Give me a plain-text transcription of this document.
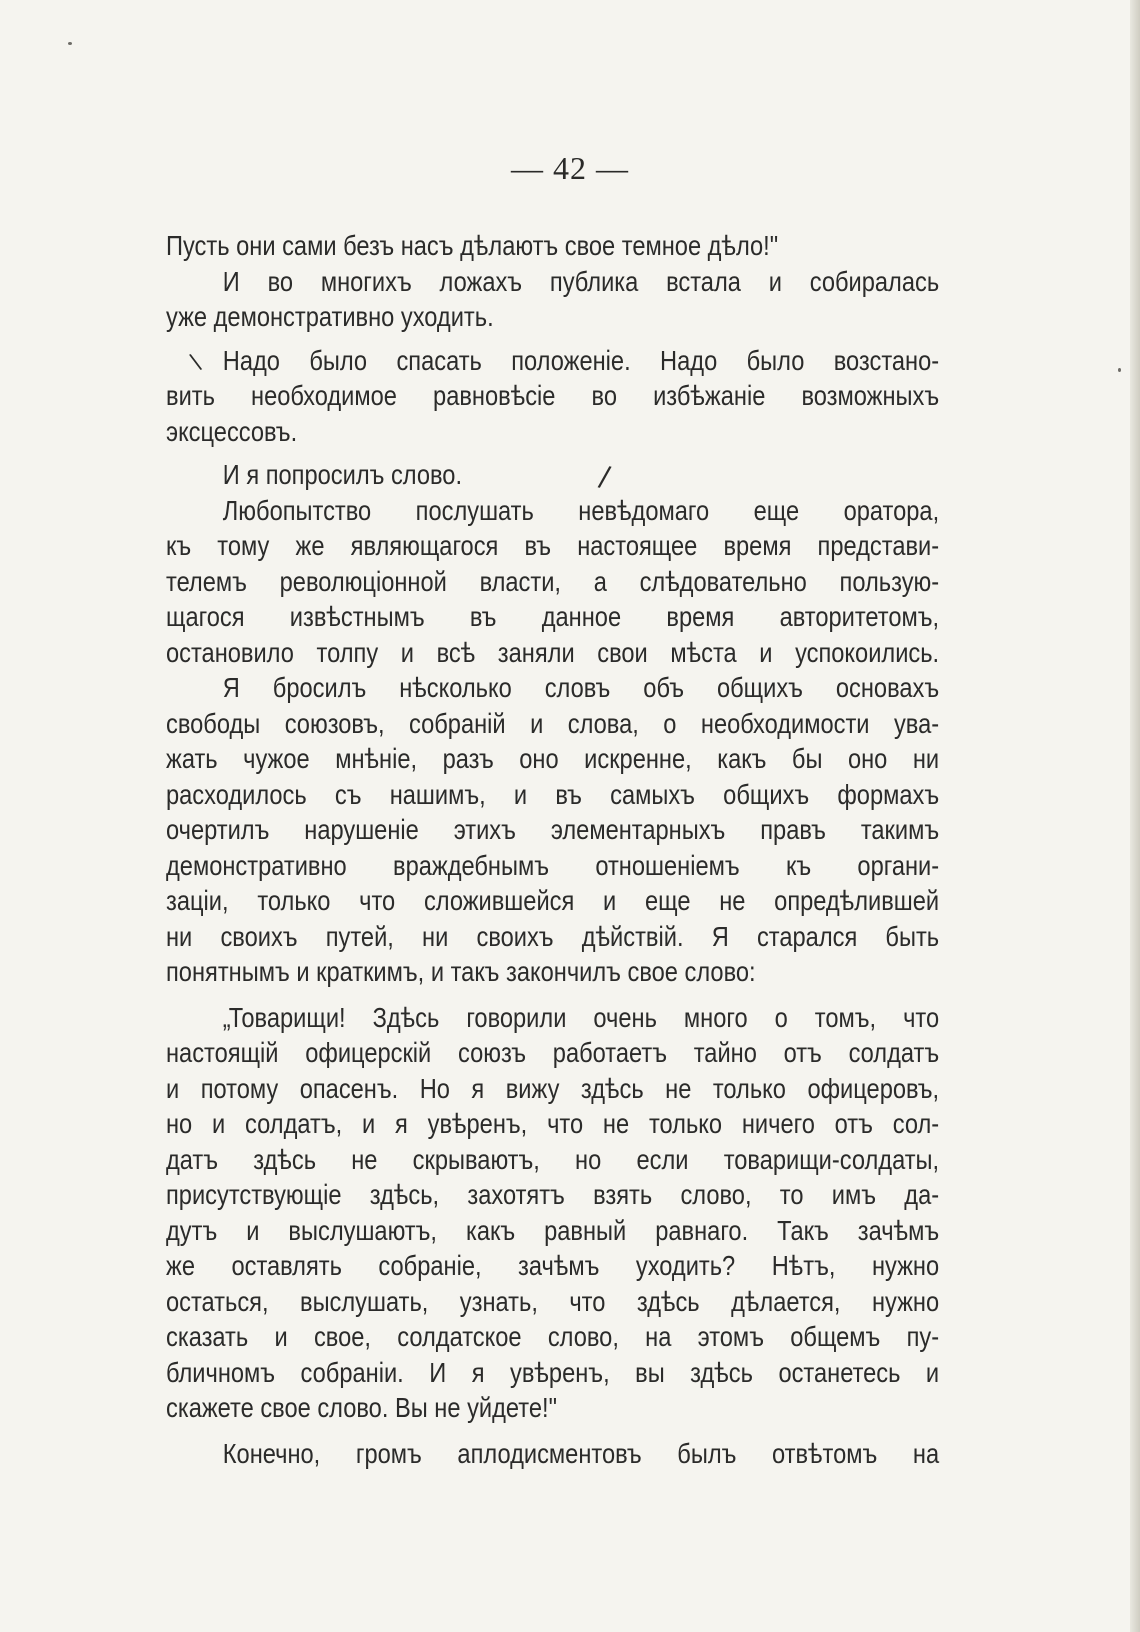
— 42 —
\
/
Пусть они сами безъ насъ дѣлаютъ свое темное дѣло!"
И во многихъ ложахъ публика встала и собиралась
уже демонстративно уходить.
Надо было спасать положеніе. Надо было возстано-
вить необходимое равновѣсіе во избѣжаніе возможныхъ
эксцессовъ.
И я попросилъ слово.
Любопытство послушать невѣдомаго еще оратора,
къ тому же являющагося въ настоящее время представи-
телемъ революціонной власти, а слѣдовательно пользую-
щагося извѣстнымъ въ данное время авторитетомъ,
остановило толпу и всѣ заняли свои мѣста и успокоились.
Я бросилъ нѣсколько словъ объ общихъ основахъ
свободы союзовъ, собраній и слова, о необходимости ува-
жать чужое мнѣніе, разъ оно искренне, какъ бы оно ни
расходилось съ нашимъ, и въ самыхъ общихъ формахъ
очертилъ нарушеніе этихъ элементарныхъ правъ такимъ
демонстративно враждебнымъ отношеніемъ къ органи-
заціи, только что сложившейся и еще не опредѣлившей
ни своихъ путей, ни своихъ дѣйствій. Я старался быть
понятнымъ и краткимъ, и такъ закончилъ свое слово:
„Товарищи! Здѣсь говорили очень много о томъ, что
настоящій офицерскій союзъ работаетъ тайно отъ солдатъ
и потому опасенъ. Но я вижу здѣсь не только офицеровъ,
но и солдатъ, и я увѣренъ, что не только ничего отъ сол-
датъ здѣсь не скрываютъ, но если товарищи-солдаты,
присутствующіе здѣсь, захотятъ взять слово, то имъ да-
дутъ и выслушаютъ, какъ равный равнаго. Такъ зачѣмъ
же оставлять собраніе, зачѣмъ уходить? Нѣтъ, нужно
остаться, выслушать, узнать, что здѣсь дѣлается, нужно
сказать и свое, солдатское слово, на этомъ общемъ пу-
бличномъ собраніи. И я увѣренъ, вы здѣсь останетесь и
скажете свое слово. Вы не уйдете!"
Конечно, громъ аплодисментовъ былъ отвѣтомъ на
